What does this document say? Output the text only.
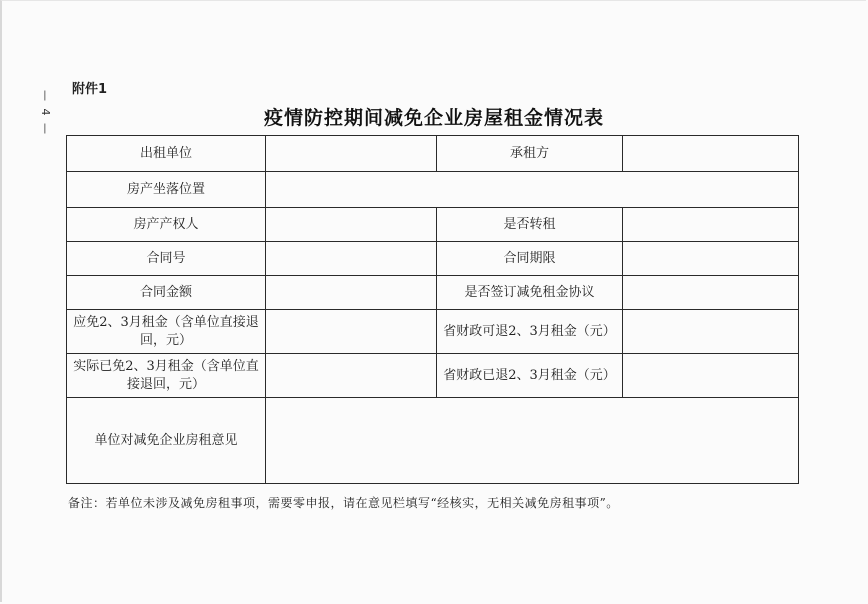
— 4 —
附件1
疫情防控期间减免企业房屋租金情况表
出租单位		承租方	
房产坐落位置			
房产产权人		是否转租	
合同号		合同期限	
合同金额		是否签订减免租金协议	
应免2、3月租金（含单位直接退回，元）		省财政可退2、3月租金（元）	
实际已免2、3月租金（含单位直接退回，元）		省财政已退2、3月租金（元）	
单位对减免企业房租意见			
备注：若单位未涉及减免房租事项，需要零申报，请在意见栏填写“经核实，无相关减免房租事项”。
